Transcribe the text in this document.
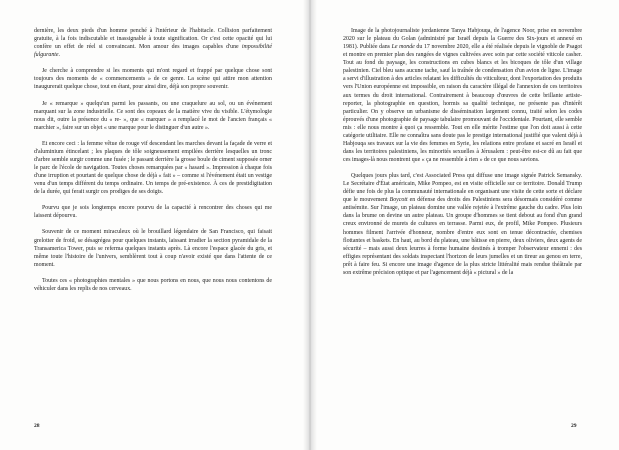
dernière, les deux pieds d'un homme penché à l'intérieur de l'habitacle. Collision parfaitement gratuite, à la fois indiscutable et inassignable à toute signification. Or c'est cette opacité qui lui confère un effet de réel si convaincant. Mon amour des images capables d'une impossibilité fulgurante.

Je cherche à comprendre si les moments qui m'ont regard et frappé par quelque chose sont toujours des moments de « commencements » de ce genre. La scène qui attire mon attention inaugurerait quelque chose, tout en étant, pour ainsi dire, déjà son propre souvenir.

Je « remarque » quelqu'un parmi les passants, ou une craquelure au sol, ou un événement marquant sur la zone industrielle. Ce sont des copeaux de la matière vive du visible. L'étymologie nous dit, outre la présence du « re- », que « marquer » a remplacé le mot de l'ancien français « marchier », faire sur un objet « une marque pour le distinguer d'un autre ».

Et encore ceci : la femme vêtue de rouge vif descendant les marches devant la façade de verre et d'aluminium étincelant ; les plaques de tôle soigneusement empilées derrière lesquelles un tronc d'arbre semble surgir comme une fusée ; le passant derrière la grosse boule de ciment supposée orner le parc de l'école de navigation. Toutes choses remarquées par « hasard ». Impression à chaque fois d'une irruption et pourtant de quelque chose de déjà « fait » – comme si l'événement était un vestige venu d'un temps différent du temps ordinaire. Un temps de pré-existence. À ces de prestidigitation de la durée, qui ferait surgir ces prodiges de ses doigts.

Pourvu que je sois longtemps encore pourvu de la capacité à rencontrer des choses qui me laissent dépourvu.

Souvenir de ce moment miraculeux où le brouillard légendaire de San Francisco, qui faisait grelotter de froid, se désagrégea pour quelques instants, laissant irradier la section pyramidale de la Transamerica Tower, puis se referma quelques instants après. Là encore l'espace glacée du gris, et même toute l'histoire de l'univers, semblèrent tout à coup n'avoir existé que dans l'attente de ce moment.

Toutes ces « photographies mentales » que nous portons en nous, que nous nous contentons de véhiculer dans les replis de nos cerveaux.

28

Image de la photojournaliste jordanienne Tanya Habjouqa, de l'agence Noor, prise en novembre 2020 sur le plateau du Golan (administré par Israël depuis la Guerre des Six-jours et annexé en 1981). Publiée dans Le monde du 17 novembre 2020, elle a été réalisée depuis le vignoble de Psagot et montre en premier plan des rangées de vignes cultivées avec soin par cette société viticole casher. Tout au fond du paysage, les constructions en cubes blancs et les bicoques de tôle d'un village palestinien. Ciel bleu sans aucune tache, sauf la traînée de condensation d'un avion de ligne. L'image a servi d'illustration à des articles relatant les difficultés du viticulteur, dont l'exportation des produits vers l'Union européenne est impossible, en raison du caractère illégal de l'annexion de ces territoires aux termes du droit international. Contrairement à beaucoup d'œuvres de cette brillante artiste-reporter, la photographie en question, hormis sa qualité technique, ne présente pas d'intérêt particulier. On y observe un urbanisme de dissémination largement connu, traité selon les codes éprouvés d'une photographie de paysage tabulaire promouvant de l'occidentale. Pourtant, elle semble mis : elle nous montre à quoi ça ressemble. Tout en elle mérite l'estime que l'on doit aussi à cette catégorie utilitaire. Elle ne connaîtra sans doute pas le prestige international justifié que valent déjà à Habjouqa ses travaux sur la vie des femmes en Syrie, les relations entre profane et sacré en Israël et dans les territoires palestiniens, les minorités sexuelles à Jérusalem : peut-être est-ce dû au fait que ces images-là nous montrent que « ça ne ressemble à rien » de ce que nous savions.

Quelques jours plus tard, c'est Associated Press qui diffuse une image signée Patrick Semansky. Le Secrétaire d'État américain, Mike Pompeo, est en visite officielle sur ce territoire. Donald Trump défie une fois de plus la communauté internationale en organisant une visite de cette sorte et déclare que le mouvement Boycott en défense des droits des Palestiniens sera désormais considéré comme antisémite. Sur l'image, un plateau domine une vallée rejetée à l'extrême gauche du cadre. Plus loin dans la brume on devine un autre plateau. Un groupe d'hommes se tient debout au fond d'un grand creux environné de murets de cultures en terrasse. Parmi eux, de profil, Mike Pompeo. Plusieurs hommes filment l'arrivée d'honneur, nombre d'entre eux sont en tenue décontractée, chemises flottantes et baskets. En haut, au bord du plateau, une bâtisse en pierre, deux oliviers, deux agents de sécurité – mais aussi deux leurres à forme humaine destinés à tromper l'observateur ennemi : des effigies représentant des soldats inspectant l'horizon de leurs jumelles et un tireur au genou en terre, prêt à faire feu. Si encore une image d'agence de la plus stricte littéralité mais rendue théâtrale par son extrême précision optique et par l'agencement déjà « pictural » de la

29
